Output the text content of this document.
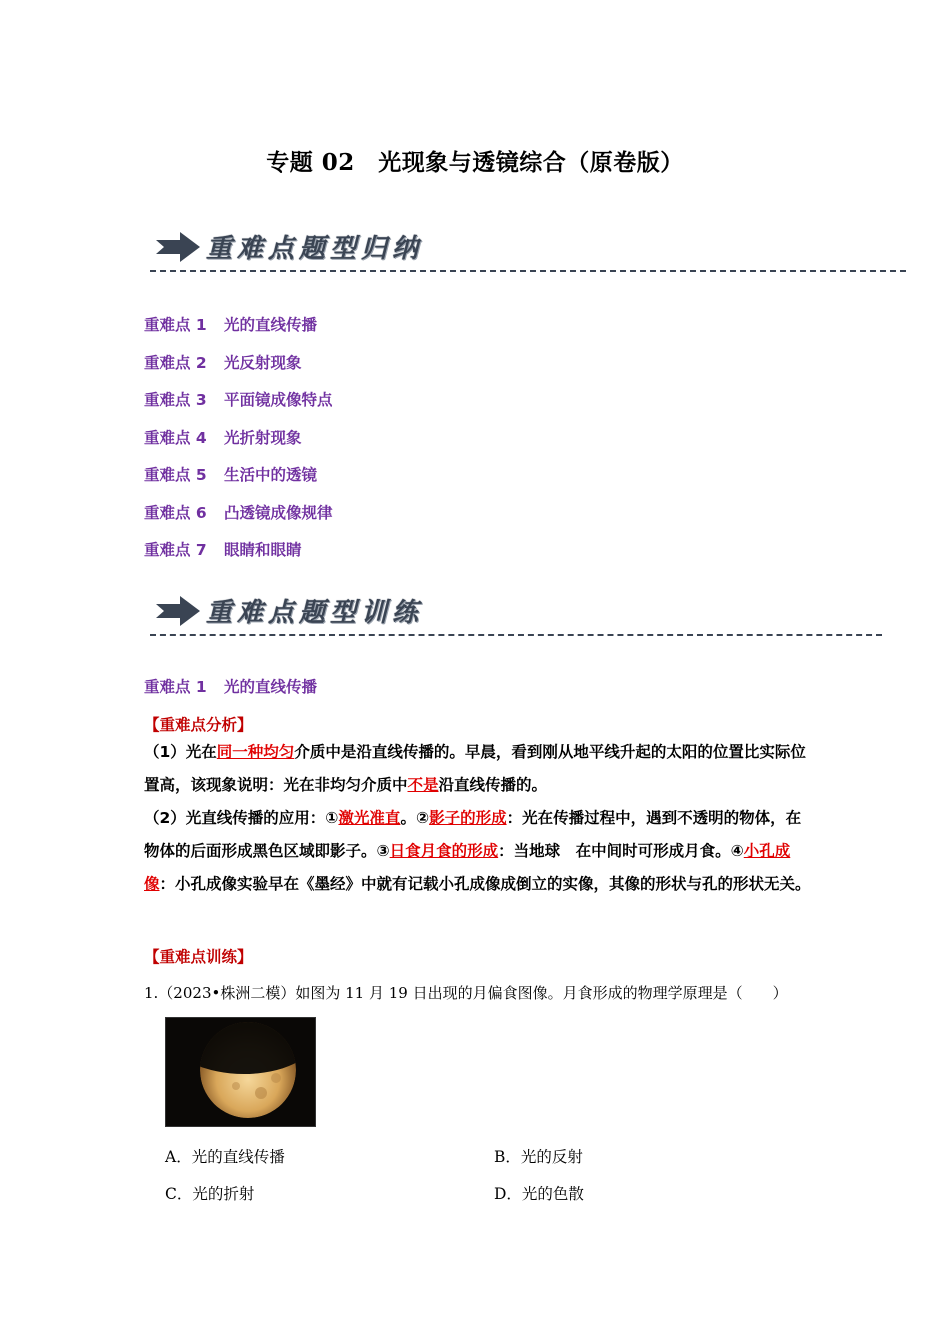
专题 02　光现象与透镜综合（原卷版）
重难点题型归纳
重难点 1 光的直线传播
重难点 2 光反射现象
重难点 3 平面镜成像特点
重难点 4 光折射现象
重难点 5 生活中的透镜
重难点 6 凸透镜成像规律
重难点 7 眼睛和眼睛
重难点题型训练
重难点 1 光的直线传播
【重难点分析】
（1）光在同一种均匀介质中是沿直线传播的。早晨，看到刚从地平线升起的太阳的位置比实际位置高，该现象说明：光在非均匀介质中不是沿直线传播的。
（2）光直线传播的应用：①激光准直。②影子的形成：光在传播过程中，遇到不透明的物体，在物体的后面形成黑色区域即影子。③日食月食的形成：当地球　在中间时可形成月食。④小孔成像：小孔成像实验早在《墨经》中就有记载小孔成像成倒立的实像，其像的形状与孔的形状无关。
【重难点训练】
1.（2023•株洲二模）如图为 11 月 19 日出现的月偏食图像。月食形成的物理学原理是（　　）
A．光的直线传播	B．光的反射
C．光的折射	D．光的色散
